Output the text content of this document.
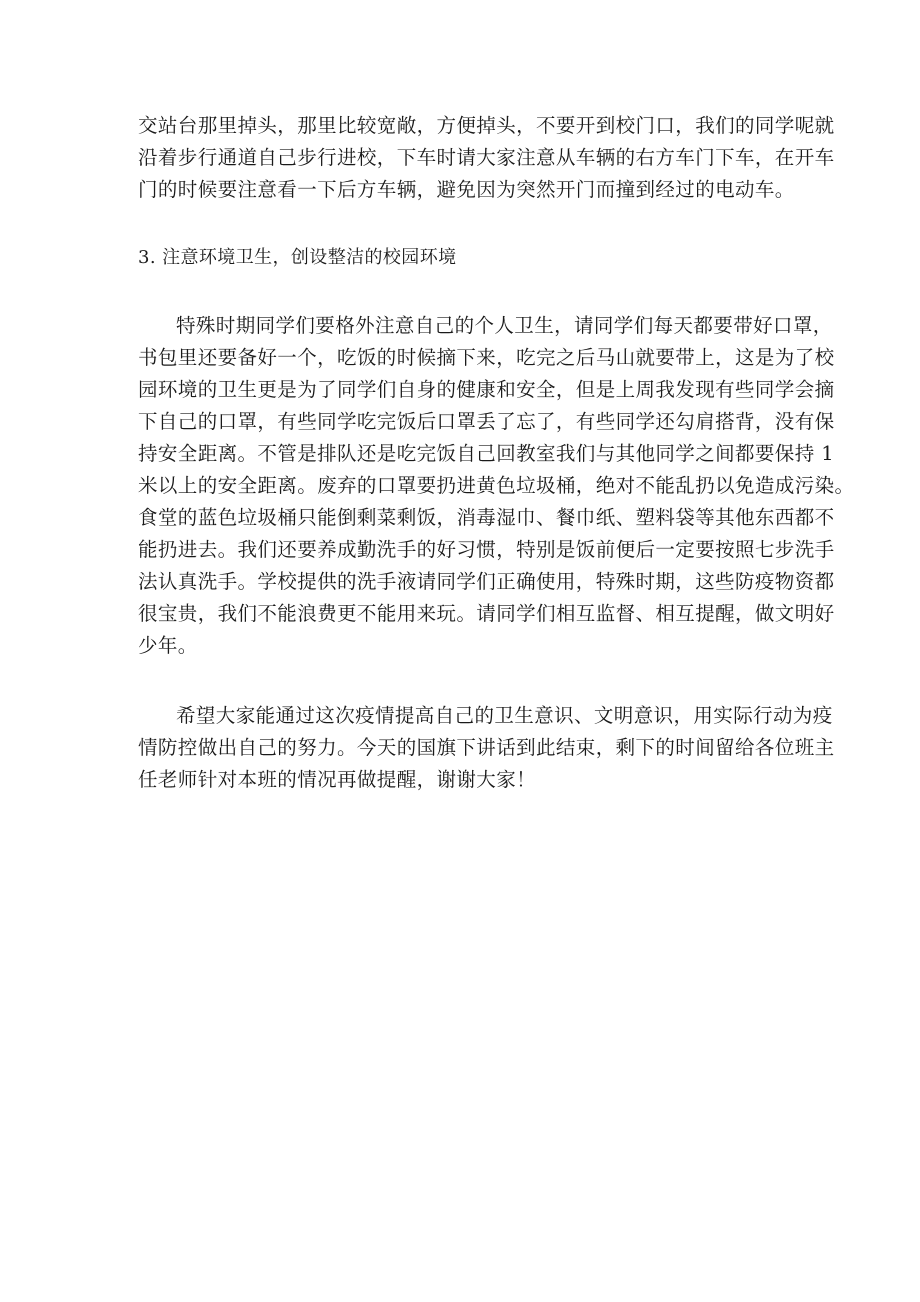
交站台那里掉头，那里比较宽敞，方便掉头，不要开到校门口，我们的同学呢就
沿着步行通道自己步行进校，下车时请大家注意从车辆的右方车门下车，在开车
门的时候要注意看一下后方车辆，避免因为突然开门而撞到经过的电动车。
3. 注意环境卫生，创设整洁的校园环境
特殊时期同学们要格外注意自己的个人卫生，请同学们每天都要带好口罩，
书包里还要备好一个，吃饭的时候摘下来，吃完之后马山就要带上，这是为了校
园环境的卫生更是为了同学们自身的健康和安全，但是上周我发现有些同学会摘
下自己的口罩，有些同学吃完饭后口罩丢了忘了，有些同学还勾肩搭背，没有保
持安全距离。不管是排队还是吃完饭自己回教室我们与其他同学之间都要保持 1
米以上的安全距离。废弃的口罩要扔进黄色垃圾桶，绝对不能乱扔以免造成污染。
食堂的蓝色垃圾桶只能倒剩菜剩饭，消毒湿巾、餐巾纸、塑料袋等其他东西都不
能扔进去。我们还要养成勤洗手的好习惯，特别是饭前便后一定要按照七步洗手
法认真洗手。学校提供的洗手液请同学们正确使用，特殊时期，这些防疫物资都
很宝贵，我们不能浪费更不能用来玩。请同学们相互监督、相互提醒，做文明好
少年。
希望大家能通过这次疫情提高自己的卫生意识、文明意识，用实际行动为疫
情防控做出自己的努力。今天的国旗下讲话到此结束，剩下的时间留给各位班主
任老师针对本班的情况再做提醒，谢谢大家！
